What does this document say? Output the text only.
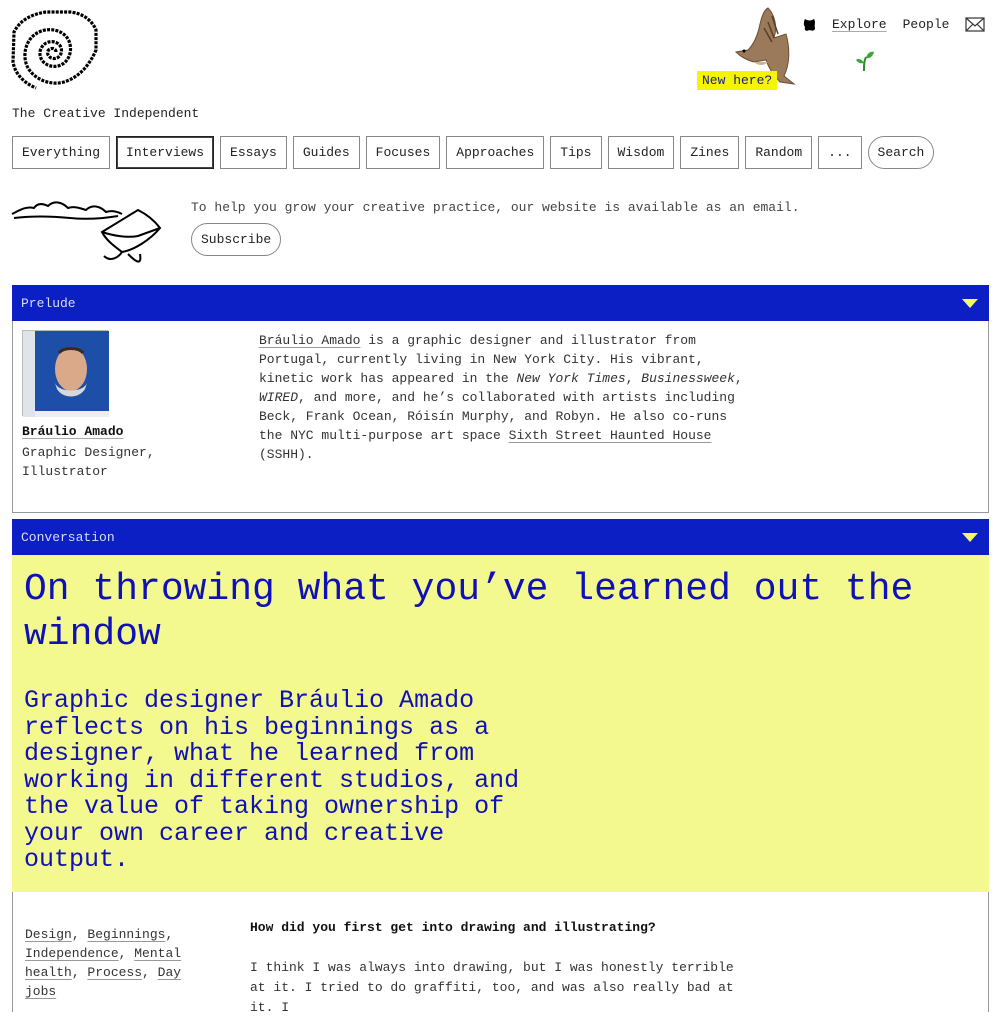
The Creative Independent
New here?
Explore People
Everything	Interviews	Essays	Guides	Focuses	Approaches	Tips	Wisdom	Zines	Random	...	Search
To help you grow your creative practice, our website is available as an email.
Subscribe
Prelude
Bráulio Amado
Graphic Designer, Illustrator
Bráulio Amado is a graphic designer and illustrator from Portugal, currently living in New York City. His vibrant, kinetic work has appeared in the New York Times, Businessweek, WIRED, and more, and he’s collaborated with artists including Beck, Frank Ocean, Róisín Murphy, and Robyn. He also co-runs the NYC multi-purpose art space Sixth Street Haunted House (SSHH).
Conversation
On throwing what you’ve learned out the window
Graphic designer Bráulio Amado reflects on his beginnings as a designer, what he learned from working in different studios, and the value of taking ownership of your own career and creative output.
Design, Beginnings, Independence, Mental health, Process, Day jobs
How did you first get into drawing and illustrating?
I think I was always into drawing, but I was honestly terrible at it. I tried to do graffiti, too, and was also really bad at it. I
